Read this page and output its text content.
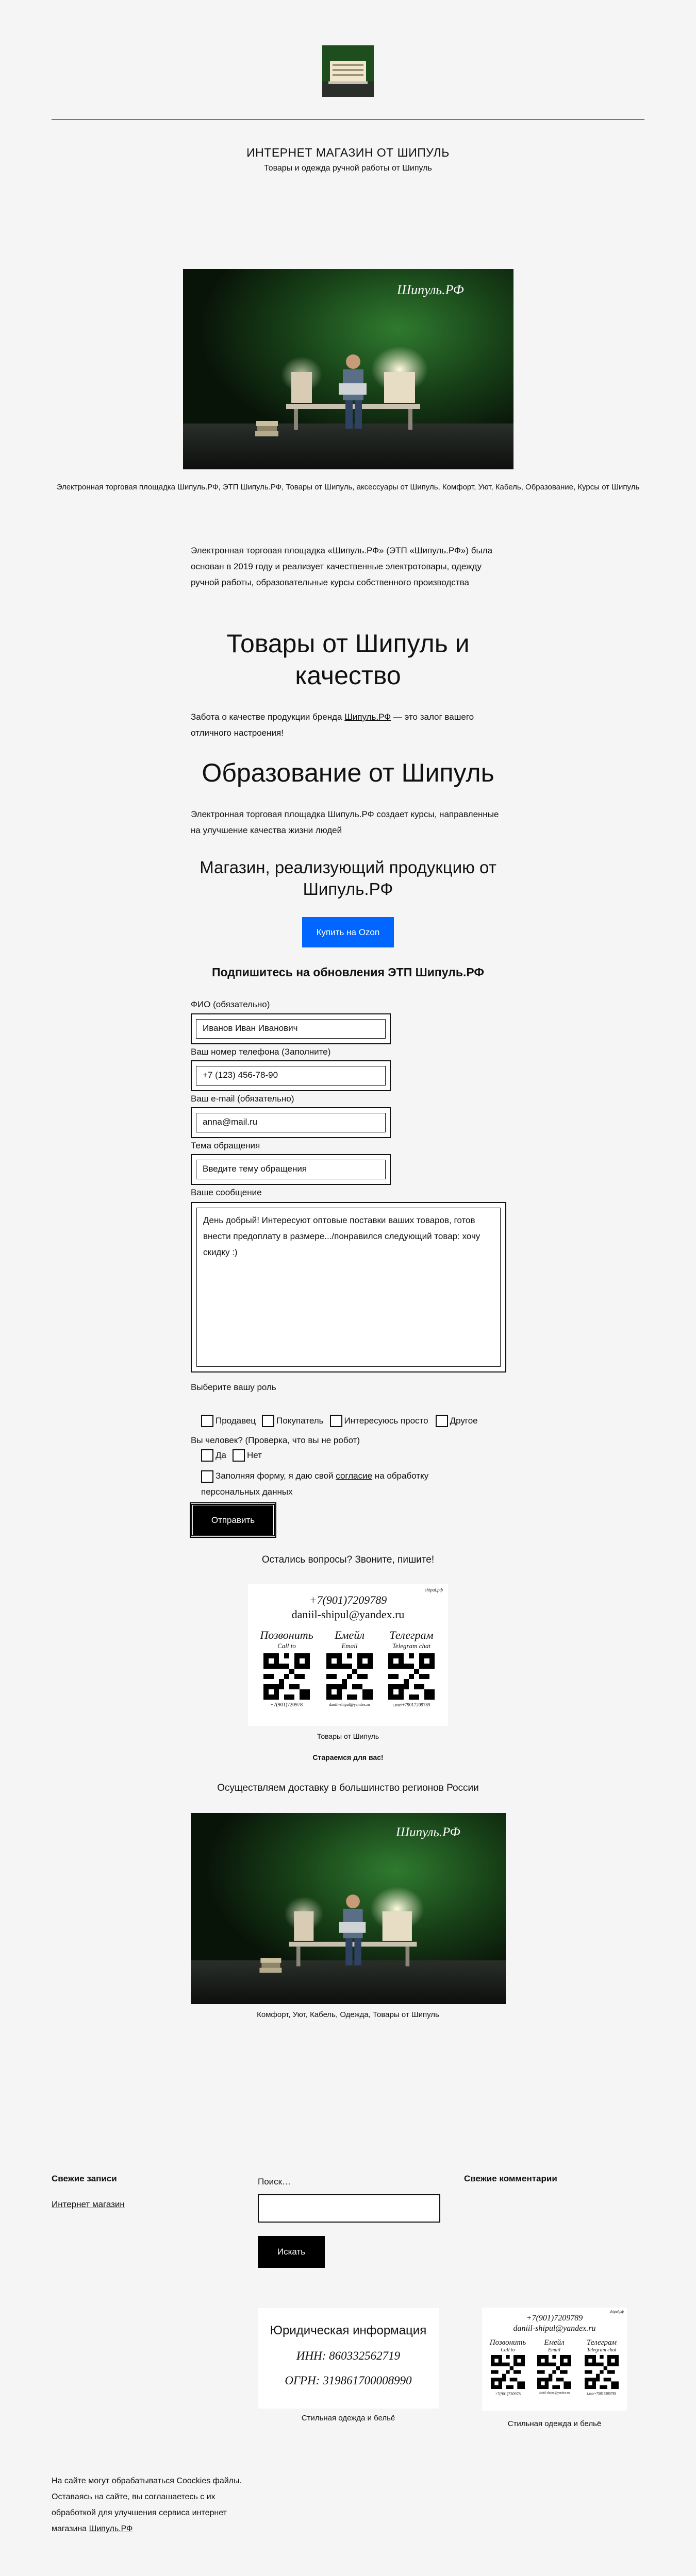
ИНТЕРНЕТ МАГАЗИН ОТ ШИПУЛЬ
Товары и одежда ручной работы от Шипуль
Шипуль.РФ
Электронная торговая площадка Шипуль.РФ, ЭТП Шипуль.РФ, Товары от Шипуль, аксессуары от Шипуль, Комфорт, Уют, Кабель, Образование, Курсы от Шипуль
Электронная торговая площадка «Шипуль.РФ» (ЭТП «Шипуль.РФ») была основан в 2019 году и реализует качественные электротовары, одежду ручной работы, образовательные курсы собственного производства
Товары от Шипуль и качество
Забота о качестве продукции бренда Шипуль.РФ — это залог вашего отличного настроения!
Образование от Шипуль
Электронная торговая площадка Шипуль.РФ создает курсы, направленные на улучшение качества жизни людей
Магазин, реализующий продукцию от Шипуль.РФ
Купить на Ozon
Подпишитесь на обновления ЭТП Шипуль.РФ
ФИО (обязательно)
Иванов Иван Иванович
Ваш номер телефона (Заполните)
+7 (123) 456-78-90
Ваш e-mail (обязательно)
anna@mail.ru
Тема обращения
Введите тему обращения
Ваше сообщение
День добрый! Интересуют оптовые поставки ваших товаров, готов внести предоплату в размере.../понравился следующий товар: хочу скидку :)
Выберите вашу роль
Продавец Покупатель Интересуюсь просто Другое
Вы человек? (Проверка, что вы не робот)
Да Нет
Заполняя форму, я даю свой согласие на обработку персональных данных
Отправить
Остались вопросы? Звоните, пишите!
shipul.рф
+7(901)7209789
daniil-shipul@yandex.ru
Позвонить
Call to
+7(901)720978
Емейл
Email
daniil-shipul@yandex.ru
Телеграм
Telegram chat
t.me/+79017209789
Товары от Шипуль
Стараемся для вас!
Осуществляем доставку в большинство регионов России
Шипуль.РФ
Комфорт, Уют, Кабель, Одежда, Товары от Шипуль
Свежие записи
Интернет магазин
Поиск…
Искать
Свежие комментарии
Юридическая информация
ИНН: 860332562719
ОГРН: 319861700008990
Стильная одежда и бельё
shipul.рф
+7(901)7209789
daniil-shipul@yandex.ru
Позвонить
Call to
+7(901)720978
Емейл
Email
daniil-shipul@yandex.ru
Телеграм
Telegram chat
t.me/+79017209789
Стильная одежда и бельё
На сайте могут обрабатываться Coockies файлы. Оставаясь на сайте, вы соглашаетесь с их обработкой для улучшения сервиса интернет магазина Шипуль.РФ
